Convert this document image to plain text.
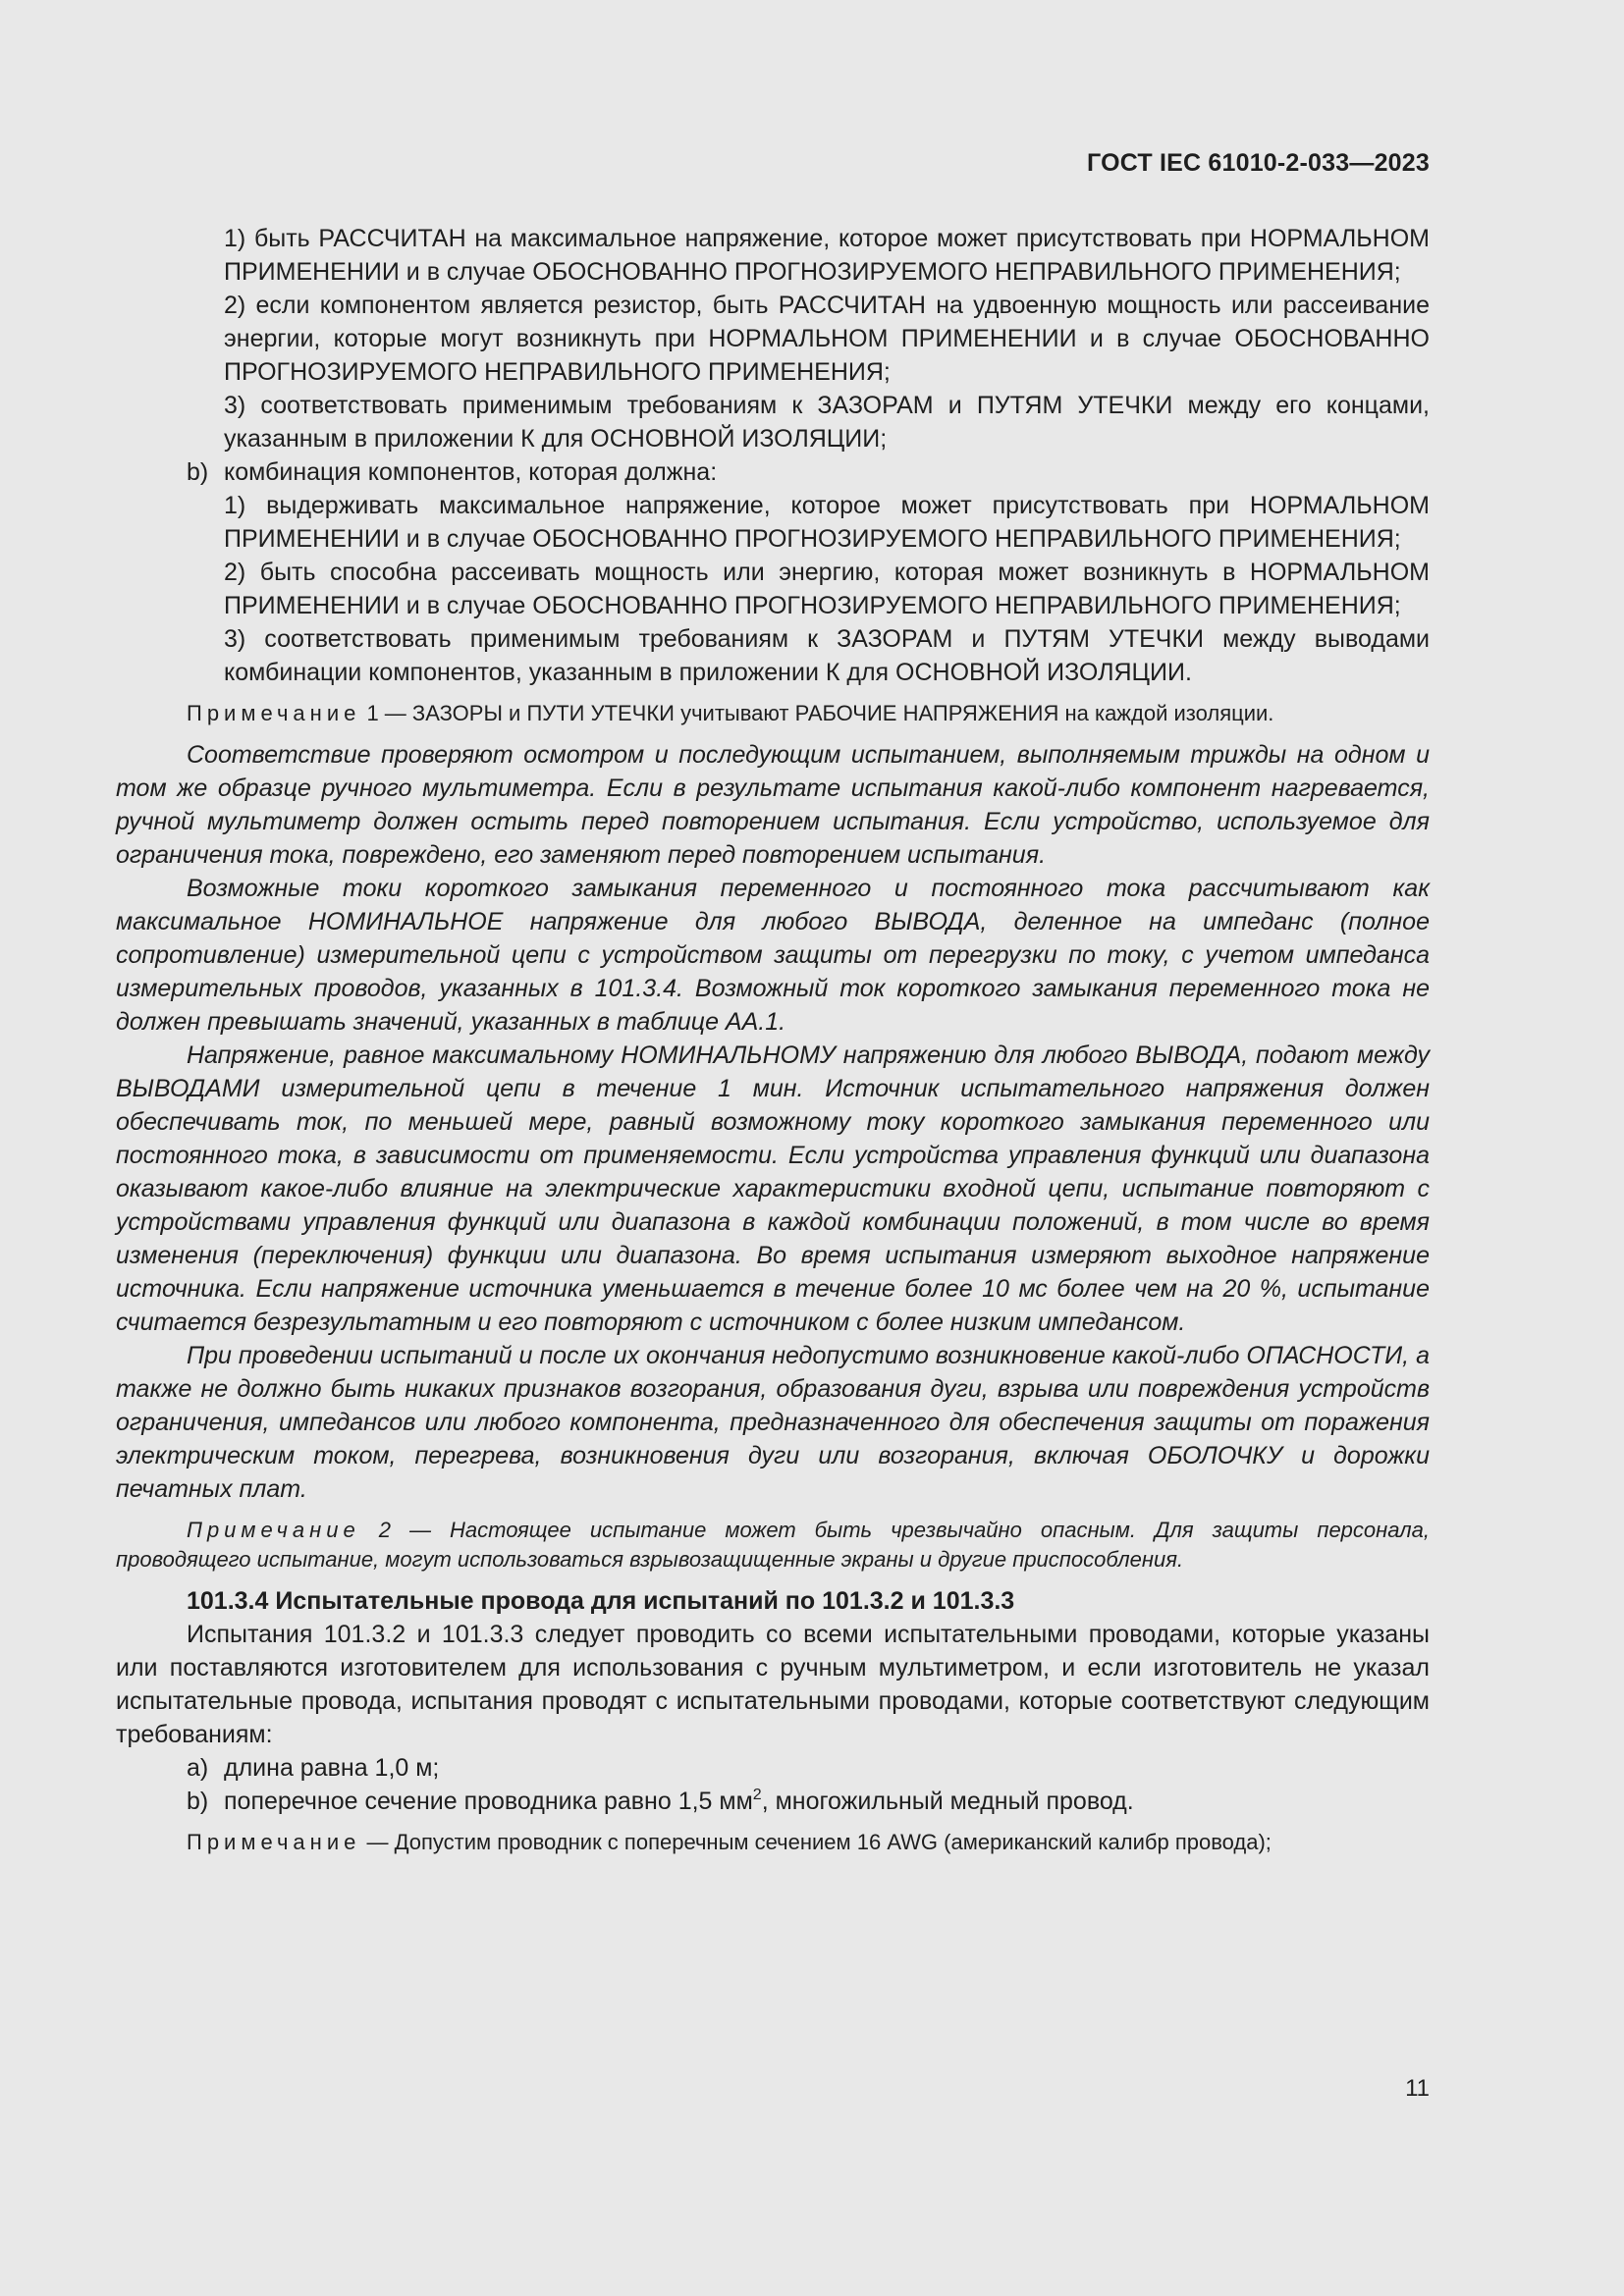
ГОСТ IEC 61010-2-033—2023

1) быть РАССЧИТАН на максимальное напряжение, которое может присутствовать при НОРМАЛЬНОМ ПРИМЕНЕНИИ и в случае ОБОСНОВАННО ПРОГНОЗИРУЕМОГО НЕПРАВИЛЬНОГО ПРИМЕНЕНИЯ;

2) если компонентом является резистор, быть РАССЧИТАН на удвоенную мощность или рассеивание энергии, которые могут возникнуть при НОРМАЛЬНОМ ПРИМЕНЕНИИ и в случае ОБОСНОВАННО ПРОГНОЗИРУЕМОГО НЕПРАВИЛЬНОГО ПРИМЕНЕНИЯ;

3) соответствовать применимым требованиям к ЗАЗОРАМ и ПУТЯМ УТЕЧКИ между его концами, указанным в приложении К для ОСНОВНОЙ ИЗОЛЯЦИИ;

b) комбинация компонентов, которая должна:

1) выдерживать максимальное напряжение, которое может присутствовать при НОРМАЛЬНОМ ПРИМЕНЕНИИ и в случае ОБОСНОВАННО ПРОГНОЗИРУЕМОГО НЕПРАВИЛЬНОГО ПРИМЕНЕНИЯ;

2) быть способна рассеивать мощность или энергию, которая может возникнуть в НОРМАЛЬНОМ ПРИМЕНЕНИИ и в случае ОБОСНОВАННО ПРОГНОЗИРУЕМОГО НЕПРАВИЛЬНОГО ПРИМЕНЕНИЯ;

3) соответствовать применимым требованиям к ЗАЗОРАМ и ПУТЯМ УТЕЧКИ между выводами комбинации компонентов, указанным в приложении К для ОСНОВНОЙ ИЗОЛЯЦИИ.

Примечание 1 — ЗАЗОРЫ и ПУТИ УТЕЧКИ учитывают РАБОЧИЕ НАПРЯЖЕНИЯ на каждой изоляции.

Соответствие проверяют осмотром и последующим испытанием, выполняемым трижды на одном и том же образце ручного мультиметра. Если в результате испытания какой-либо компонент нагревается, ручной мультиметр должен остыть перед повторением испытания. Если устройство, используемое для ограничения тока, повреждено, его заменяют перед повторением испытания.

Возможные токи короткого замыкания переменного и постоянного тока рассчитывают как максимальное НОМИНАЛЬНОЕ напряжение для любого ВЫВОДА, деленное на импеданс (полное сопротивление) измерительной цепи с устройством защиты от перегрузки по току, с учетом импеданса измерительных проводов, указанных в 101.3.4. Возможный ток короткого замыкания переменного тока не должен превышать значений, указанных в таблице АА.1.

Напряжение, равное максимальному НОМИНАЛЬНОМУ напряжению для любого ВЫВОДА, подают между ВЫВОДАМИ измерительной цепи в течение 1 мин. Источник испытательного напряжения должен обеспечивать ток, по меньшей мере, равный возможному току короткого замыкания переменного или постоянного тока, в зависимости от применяемости. Если устройства управления функций или диапазона оказывают какое-либо влияние на электрические характеристики входной цепи, испытание повторяют с устройствами управления функций или диапазона в каждой комбинации положений, в том числе во время изменения (переключения) функции или диапазона. Во время испытания измеряют выходное напряжение источника. Если напряжение источника уменьшается в течение более 10 мс более чем на 20 %, испытание считается безрезультатным и его повторяют с источником с более низким импедансом.

При проведении испытаний и после их окончания недопустимо возникновение какой-либо ОПАСНОСТИ, а также не должно быть никаких признаков возгорания, образования дуги, взрыва или повреждения устройств ограничения, импедансов или любого компонента, предназначенного для обеспечения защиты от поражения электрическим током, перегрева, возникновения дуги или возгорания, включая ОБОЛОЧКУ и дорожки печатных плат.

Примечание 2 — Настоящее испытание может быть чрезвычайно опасным. Для защиты персонала, проводящего испытание, могут использоваться взрывозащищенные экраны и другие приспособления.

101.3.4 Испытательные провода для испытаний по 101.3.2 и 101.3.3

Испытания 101.3.2 и 101.3.3 следует проводить со всеми испытательными проводами, которые указаны или поставляются изготовителем для использования с ручным мультиметром, и если изготовитель не указал испытательные провода, испытания проводят с испытательными проводами, которые соответствуют следующим требованиям:

a) длина равна 1,0 м;

b) поперечное сечение проводника равно 1,5 $мм^2$, многожильный медный провод.

Примечание — Допустим проводник с поперечным сечением 16 AWG (американский калибр провода);

11
